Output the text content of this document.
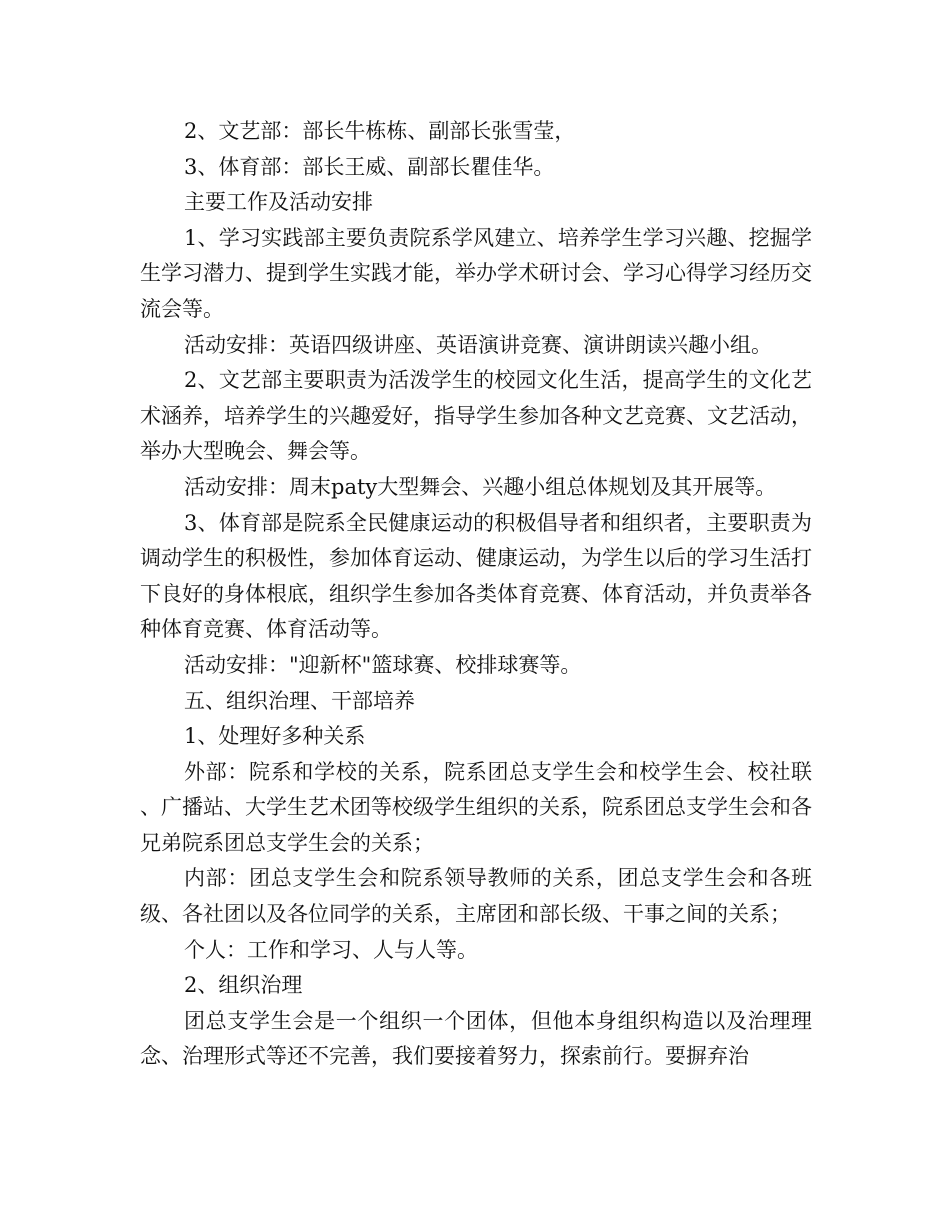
2、文艺部：部长牛栋栋、副部长张雪莹，

3、体育部：部长王威、副部长瞿佳华。

主要工作及活动安排

1、学习实践部主要负责院系学风建立、培养学生学习兴趣、挖掘学生学习潜力、提到学生实践才能，举办学术研讨会、学习心得学习经历交流会等。

活动安排：英语四级讲座、英语演讲竞赛、演讲朗读兴趣小组。

2、文艺部主要职责为活泼学生的校园文化生活，提高学生的文化艺术涵养，培养学生的兴趣爱好，指导学生参加各种文艺竞赛、文艺活动，举办大型晚会、舞会等。

活动安排：周末paty大型舞会、兴趣小组总体规划及其开展等。

3、体育部是院系全民健康运动的积极倡导者和组织者，主要职责为调动学生的积极性，参加体育运动、健康运动，为学生以后的学习生活打下良好的身体根底，组织学生参加各类体育竞赛、体育活动，并负责举各种体育竞赛、体育活动等。

活动安排："迎新杯"篮球赛、校排球赛等。

五、组织治理、干部培养

1、处理好多种关系

外部：院系和学校的关系，院系团总支学生会和校学生会、校社联、广播站、大学生艺术团等校级学生组织的关系，院系团总支学生会和各兄弟院系团总支学生会的关系；

内部：团总支学生会和院系领导教师的关系，团总支学生会和各班级、各社团以及各位同学的关系，主席团和部长级、干事之间的关系；

个人：工作和学习、人与人等。

2、组织治理

团总支学生会是一个组织一个团体，但他本身组织构造以及治理理念、治理形式等还不完善，我们要接着努力，探索前行。要摒弃治
